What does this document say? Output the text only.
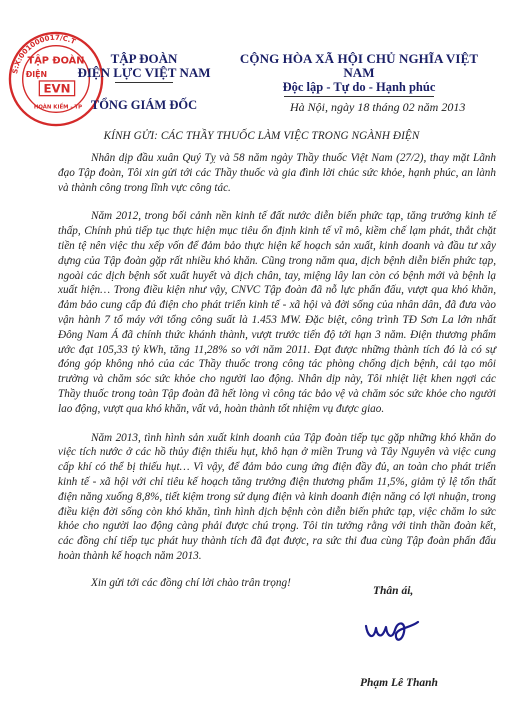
S:X:001000017/C.T
TẬP ĐOÀN
ĐIỆN
EVN
HOÀN KIẾM - TP
TẬP ĐOÀN
ĐIỆN LỰC VIỆT NAM
TỔNG GIÁM ĐỐC
CỘNG HÒA XÃ HỘI CHỦ NGHĨA VIỆT NAM
Độc lập - Tự do - Hạnh phúc
Hà Nội, ngày 18 tháng 02 năm 2013
KÍNH GỬI: CÁC THẦY THUỐC LÀM VIỆC TRONG NGÀNH ĐIỆN

Nhân dịp đầu xuân Quý Tỵ và 58 năm ngày Thầy thuốc Việt Nam (27/2), thay mặt Lãnh đạo Tập đoàn, Tôi xin gửi tới các Thầy thuốc và gia đình lời chúc sức khỏe, hạnh phúc, an lành và thành công trong lĩnh vực công tác.

Năm 2012, trong bối cảnh nền kinh tế đất nước diễn biến phức tạp, tăng trưởng kinh tế thấp, Chính phủ tiếp tục thực hiện mục tiêu ổn định kinh tế vĩ mô, kiềm chế lạm phát, thắt chặt tiền tệ nên việc thu xếp vốn để đảm bảo thực hiện kế hoạch sản xuất, kinh doanh và đầu tư xây dựng của Tập đoàn gặp rất nhiều khó khăn. Cũng trong năm qua, dịch bệnh diễn biến phức tạp, ngoài các dịch bệnh sốt xuất huyết và dịch chân, tay, miệng lây lan còn có bệnh mới và bệnh lạ xuất hiện… Trong điều kiện như vậy, CNVC Tập đoàn đã nỗ lực phấn đấu, vượt qua khó khăn, đảm bảo cung cấp đủ điện cho phát triển kinh tế - xã hội và đời sống của nhân dân, đã đưa vào vận hành 7 tổ máy với tổng công suất là 1.453 MW. Đặc biệt, công trình TĐ Sơn La lớn nhất Đông Nam Á đã chính thức khánh thành, vượt trước tiến độ tới hạn 3 năm. Điện thương phẩm ước đạt 105,33 tỷ kWh, tăng 11,28% so với năm 2011. Đạt được những thành tích đó là có sự đóng góp không nhỏ của các Thầy thuốc trong công tác phòng chống dịch bệnh, cải tạo môi trường và chăm sóc sức khỏe cho người lao động. Nhân dịp này, Tôi nhiệt liệt khen ngợi các Thầy thuốc trong toàn Tập đoàn đã hết lòng vì công tác bảo vệ và chăm sóc sức khỏe cho người lao động, vượt qua khó khăn, vất vả, hoàn thành tốt nhiệm vụ được giao.

Năm 2013, tình hình sản xuất kinh doanh của Tập đoàn tiếp tục gặp những khó khăn do việc tích nước ở các hồ thủy điện thiếu hụt, khô hạn ở miền Trung và Tây Nguyên và việc cung cấp khí có thể bị thiếu hụt… Vì vậy, để đảm bảo cung ứng điện đầy đủ, an toàn cho phát triển kinh tế - xã hội với chỉ tiêu kế hoạch tăng trưởng điện thương phẩm 11,5%, giảm tỷ lệ tổn thất điện năng xuống 8,8%, tiết kiệm trong sử dụng điện và kinh doanh điện năng có lợi nhuận, trong điều kiện đời sống còn khó khăn, tình hình dịch bệnh còn diễn biến phức tạp, việc chăm lo sức khỏe cho người lao động càng phải được chú trọng. Tôi tin tưởng rằng với tinh thần đoàn kết, các đồng chí tiếp tục phát huy thành tích đã đạt được, ra sức thi đua cùng Tập đoàn phấn đấu hoàn thành kế hoạch năm 2013.

Xin gửi tới các đồng chí lời chào trân trọng!

Thân ái,
Phạm Lê Thanh
